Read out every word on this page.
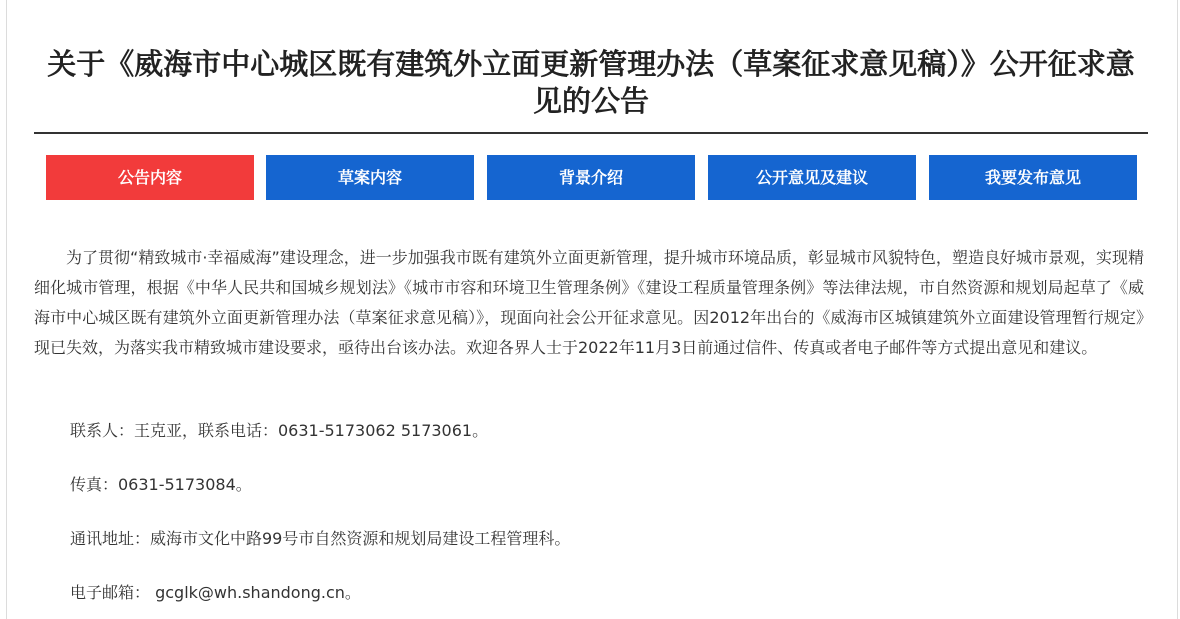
关于《威海市中心城区既有建筑外立面更新管理办法（草案征求意见稿）》公开征求意见的公告
公告内容	草案内容	背景介绍	公开意见及建议	我要发布意见

为了贯彻“精致城市·幸福威海”建设理念，进一步加强我市既有建筑外立面更新管理，提升城市环境品质，彰显城市风貌特色，塑造良好城市景观，实现精细化城市管理，根据《中华人民共和国城乡规划法》《城市市容和环境卫生管理条例》《建设工程质量管理条例》等法律法规，市自然资源和规划局起草了《威海市中心城区既有建筑外立面更新管理办法（草案征求意见稿）》，现面向社会公开征求意见。因2012年出台的《威海市区城镇建筑外立面建设管理暂行规定》现已失效，为落实我市精致城市建设要求，亟待出台该办法。欢迎各界人士于2022年11月3日前通过信件、传真或者电子邮件等方式提出意见和建议。

联系人：王克亚，联系电话：0631-5173062 5173061。

传真：0631-5173084。

通讯地址：威海市文化中路99号市自然资源和规划局建设工程管理科。

电子邮箱： gcglk@wh.shandong.cn。
